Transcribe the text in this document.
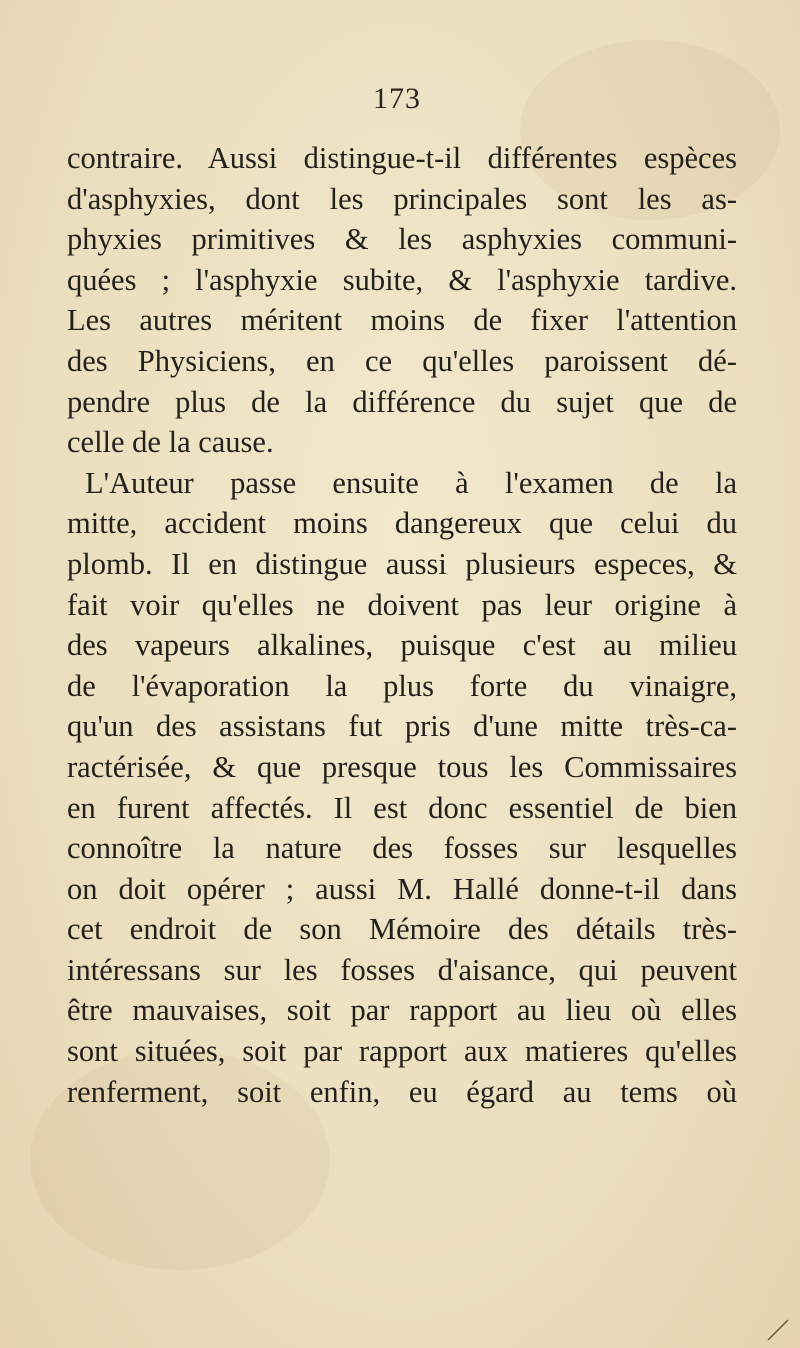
173
contraire. Aussi distingue-t-il différentes espèces
d'asphyxies, dont les principales sont les as-
phyxies primitives & les asphyxies communi-
quées ; l'asphyxie subite, & l'asphyxie tardive.
Les autres méritent moins de fixer l'attention
des Physiciens, en ce qu'elles paroissent dé-
pendre plus de la différence du sujet que de
celle de la cause.
L'Auteur passe ensuite à l'examen de la
mitte, accident moins dangereux que celui du
plomb. Il en distingue aussi plusieurs especes, &
fait voir qu'elles ne doivent pas leur origine à
des vapeurs alkalines, puisque c'est au milieu
de l'évaporation la plus forte du vinaigre,
qu'un des assistans fut pris d'une mitte très-ca-
ractérisée, & que presque tous les Commissaires
en furent affectés. Il est donc essentiel de bien
connoître la nature des fosses sur lesquelles
on doit opérer ; aussi M. Hallé donne-t-il dans
cet endroit de son Mémoire des détails très-
intéressans sur les fosses d'aisance, qui peuvent
être mauvaises, soit par rapport au lieu où elles
sont situées, soit par rapport aux matieres qu'elles
renferment, soit enfin, eu égard au tems où
